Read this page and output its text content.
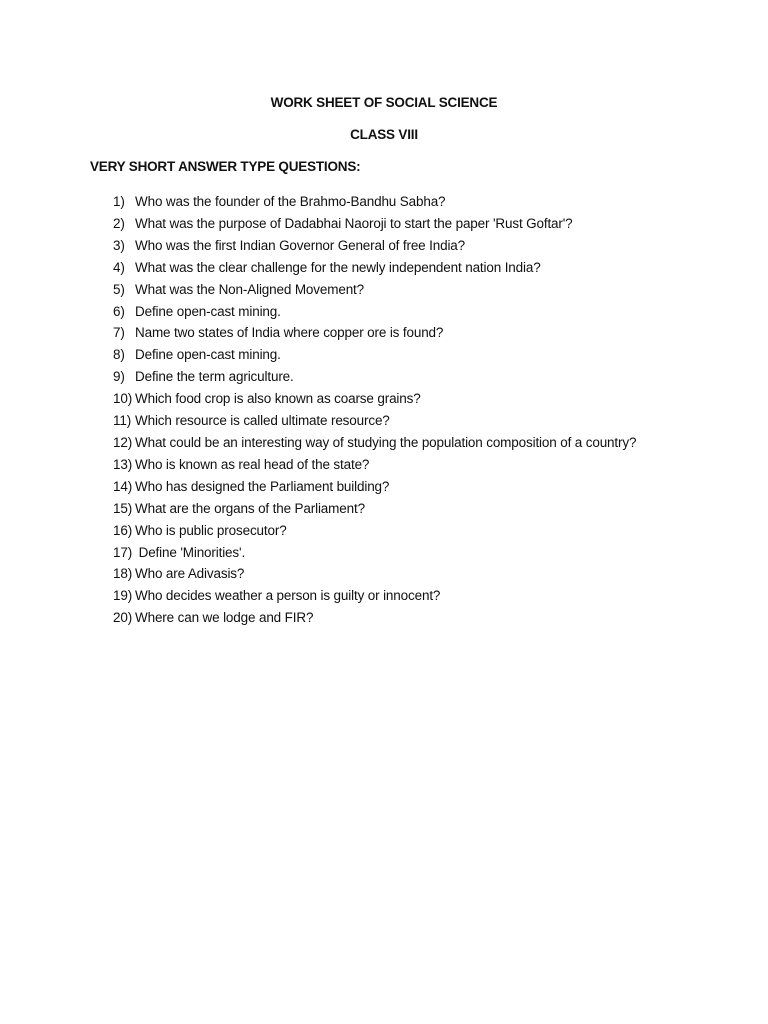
WORK SHEET OF SOCIAL SCIENCE
CLASS VIII
VERY SHORT ANSWER TYPE QUESTIONS:
1) Who was the founder of the Brahmo-Bandhu Sabha?
2) What was the purpose of Dadabhai Naoroji to start the paper 'Rust Goftar'?
3) Who was the first Indian Governor General of free India?
4) What was the clear challenge for the newly independent nation India?
5) What was the Non-Aligned Movement?
6) Define open-cast mining.
7) Name two states of India where copper ore is found?
8) Define open-cast mining.
9) Define the term agriculture.
10) Which food crop is also known as coarse grains?
11) Which resource is called ultimate resource?
12) What could be an interesting way of studying the population composition of a country?
13) Who is known as real head of the state?
14) Who has designed the Parliament building?
15) What are the organs of the Parliament?
16) Who is public prosecutor?
17) Define 'Minorities'.
18) Who are Adivasis?
19) Who decides weather a person is guilty or innocent?
20) Where can we lodge and FIR?
